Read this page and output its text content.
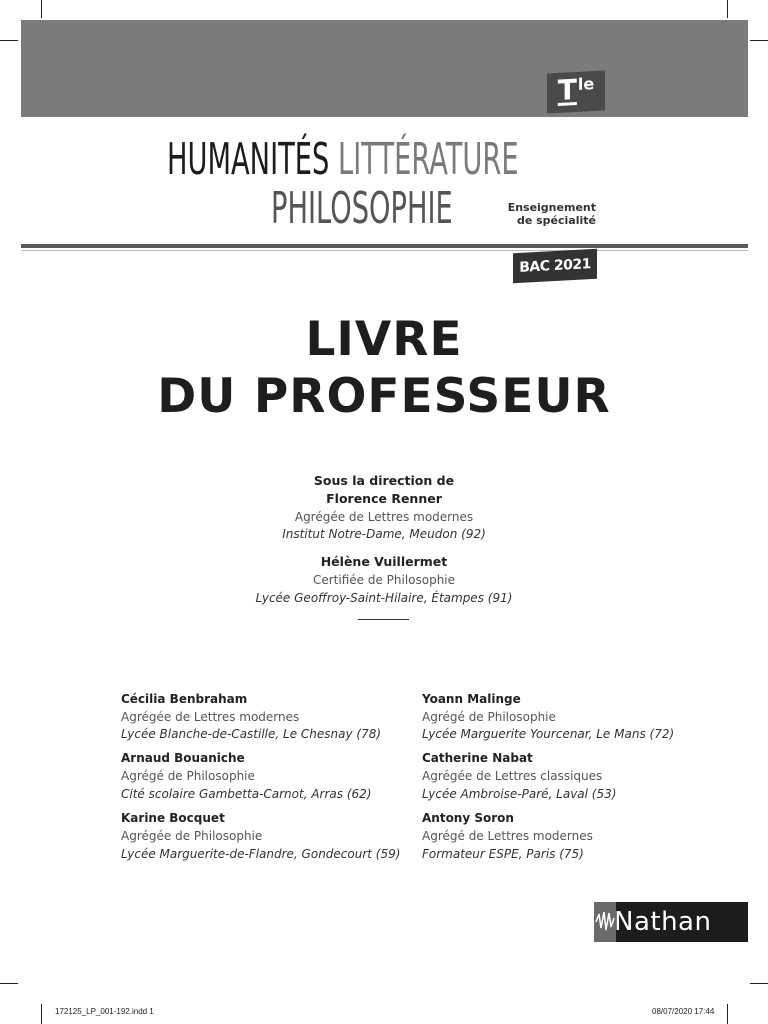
T le
HUMANITÉS LITTÉRATURE
PHILOSOPHIE	Enseignement
de spécialité
BAC 2021
LIVRE
DU PROFESSEUR
Sous la direction de
Florence Renner
Agrégée de Lettres modernes
Institut Notre-Dame, Meudon (92)
Hélène Vuillermet
Certifiée de Philosophie
Lycée Geoffroy-Saint-Hilaire, Étampes (91)
Cécilia Benbraham
Agrégée de Lettres modernes
Lycée Blanche-de-Castille, Le Chesnay (78)
Arnaud Bouaniche
Agrégé de Philosophie
Cité scolaire Gambetta-Carnot, Arras (62)
Karine Bocquet
Agrégée de Philosophie
Lycée Marguerite-de-Flandre, Gondecourt (59)
Yoann Malinge
Agrégé de Philosophie
Lycée Marguerite Yourcenar, Le Mans (72)
Catherine Nabat
Agrégée de Lettres classiques
Lycée Ambroise-Paré, Laval (53)
Antony Soron
Agrégé de Lettres modernes
Formateur ESPE, Paris (75)
Nathan
172125_LP_001-192.indd 1	08/07/2020 17:44
